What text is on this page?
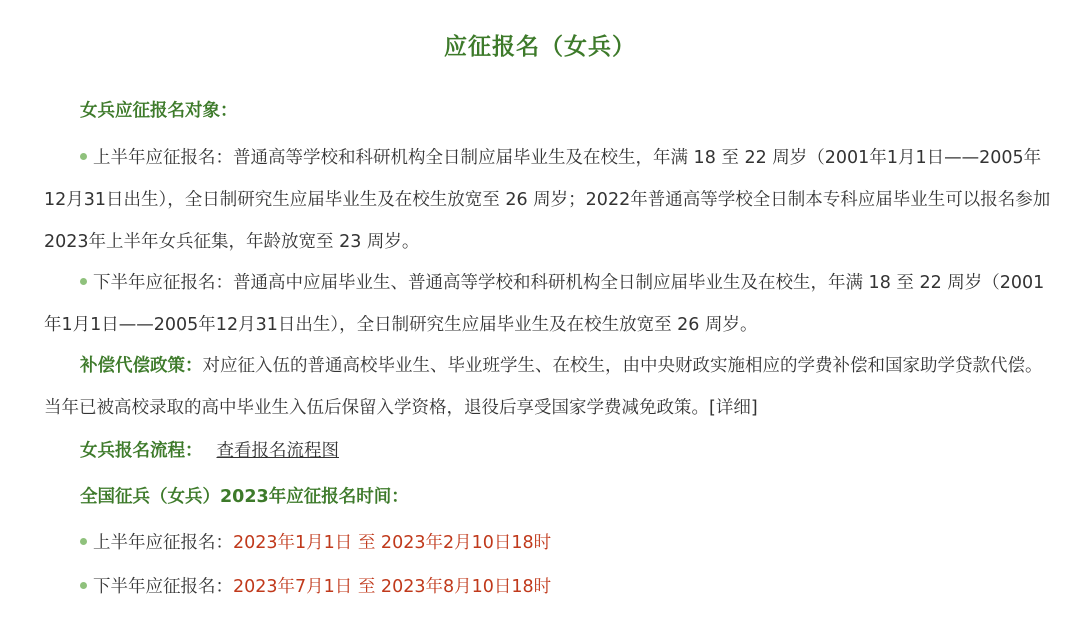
应征报名（女兵）
女兵应征报名对象：
上半年应征报名：普通高等学校和科研机构全日制应届毕业生及在校生，年满 18 至 22 周岁（2001年1月1日——2005年12月31日出生），全日制研究生应届毕业生及在校生放宽至 26 周岁；2022年普通高等学校全日制本专科应届毕业生可以报名参加2023年上半年女兵征集，年龄放宽至 23 周岁。
下半年应征报名：普通高中应届毕业生、普通高等学校和科研机构全日制应届毕业生及在校生，年满 18 至 22 周岁（2001年1月1日——2005年12月31日出生），全日制研究生应届毕业生及在校生放宽至 26 周岁。
补偿代偿政策：对应征入伍的普通高校毕业生、毕业班学生、在校生，由中央财政实施相应的学费补偿和国家助学贷款代偿。当年已被高校录取的高中毕业生入伍后保留入学资格，退役后享受国家学费减免政策。[详细]
女兵报名流程： 查看报名流程图
全国征兵（女兵）2023年应征报名时间：
上半年应征报名：2023年1月1日 至 2023年2月10日18时
下半年应征报名：2023年7月1日 至 2023年8月10日18时
